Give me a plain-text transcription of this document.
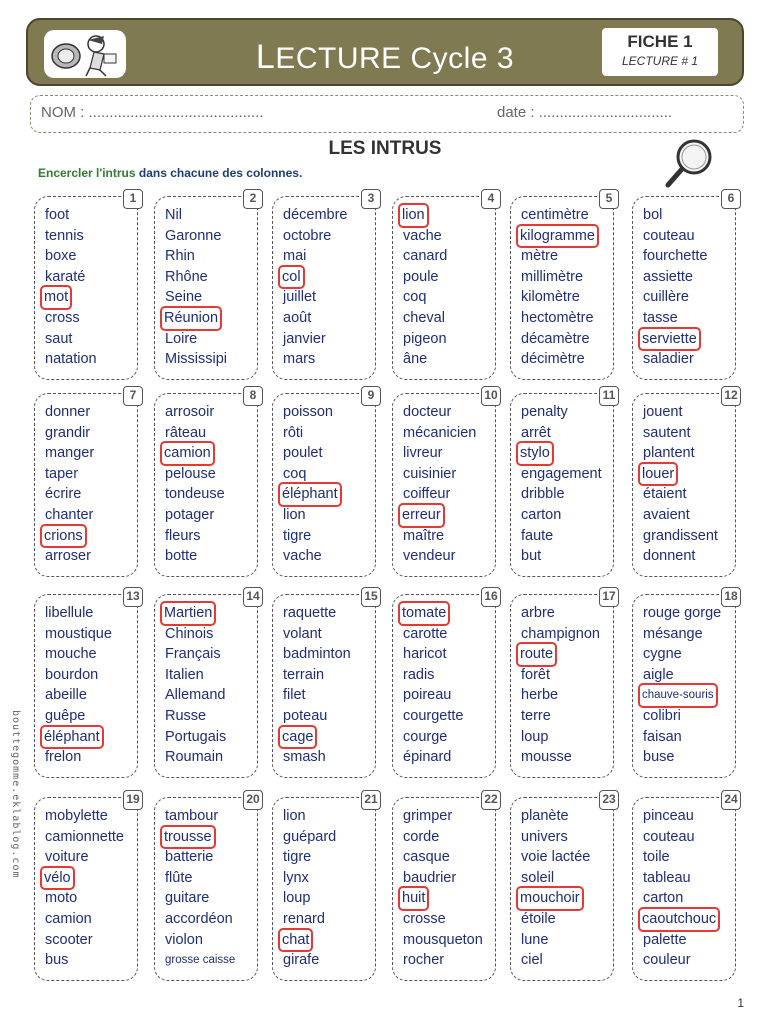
LECTURE Cycle 3
FICHE 1
LECTURE # 1
NOM : ..........................................	date : ................................
LES INTRUS
Encercler l'intrus dans chacune des colonnes.
1
foot
tennis
boxe
karaté
mot
cross
saut
natation
2
Nil
Garonne
Rhin
Rhône
Seine
Réunion
Loire
Mississipi
3
décembre
octobre
mai
col
juillet
août
janvier
mars
4
lion
vache
canard
poule
coq
cheval
pigeon
âne
5
centimètre
kilogramme
mètre
millimètre
kilomètre
hectomètre
décamètre
décimètre
6
bol
couteau
fourchette
assiette
cuillère
tasse
serviette
saladier
7
donner
grandir
manger
taper
écrire
chanter
crions
arroser
8
arrosoir
râteau
camion
pelouse
tondeuse
potager
fleurs
botte
9
poisson
rôti
poulet
coq
éléphant
lion
tigre
vache
10
docteur
mécanicien
livreur
cuisinier
coiffeur
erreur
maître
vendeur
11
penalty
arrêt
stylo
engagement
dribble
carton
faute
but
12
jouent
sautent
plantent
louer
étaient
avaient
grandissent
donnent
13
libellule
moustique
mouche
bourdon
abeille
guêpe
éléphant
frelon
14
Martien
Chinois
Français
Italien
Allemand
Russe
Portugais
Roumain
15
raquette
volant
badminton
terrain
filet
poteau
cage
smash
16
tomate
carotte
haricot
radis
poireau
courgette
courge
épinard
17
arbre
champignon
route
forêt
herbe
terre
loup
mousse
18
rouge gorge
mésange
cygne
aigle
chauve-souris
colibri
faisan
buse
19
mobylette
camionnette
voiture
vélo
moto
camion
scooter
bus
20
tambour
trousse
batterie
flûte
guitare
accordéon
violon
grosse caisse
21
lion
guépard
tigre
lynx
loup
renard
chat
girafe
22
grimper
corde
casque
baudrier
huit
crosse
mousqueton
rocher
23
planète
univers
voie lactée
soleil
mouchoir
étoile
lune
ciel
24
pinceau
couteau
toile
tableau
carton
caoutchouc
palette
couleur
bouttegomme.eklablog.com
1
